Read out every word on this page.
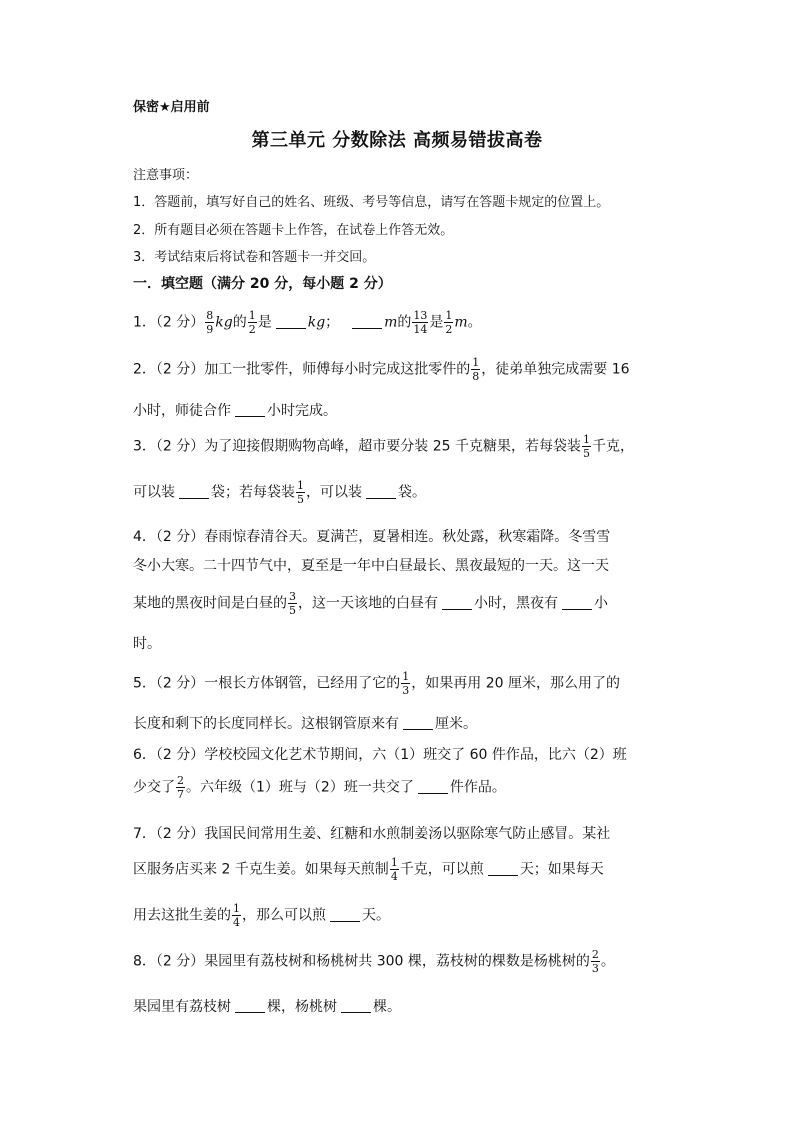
保密★启用前
第三单元 分数除法 高频易错拔高卷
注意事项：
1．答题前，填写好自己的姓名、班级、考号等信息，请写在答题卡规定的位置上。
2．所有题目必须在答题卡上作答，在试卷上作答无效。
3．考试结束后将试卷和答题卡一并交回。
一．填空题（满分 20 分，每小题 2 分）
1．（2 分） $\frac{8}{9}$ kg的 $\frac{1}{2}$ 是	kg；	m的 $\frac{13}{14}$ 是 $\frac{1}{2}$ m。
2．（2 分）加工一批零件，师傅每小时完成这批零件的 $\frac{1}{8}$ ，徒弟单独完成需要 16
小时，师徒合作	小时完成。
3．（2 分）为了迎接假期购物高峰，超市要分装 25 千克糖果，若每袋装 $\frac{1}{5}$ 千克，
可以装	袋；若每袋装 $\frac{1}{5}$ ，可以装	袋。
4．（2 分）春雨惊春清谷天。夏满芒，夏暑相连。秋处露，秋寒霜降。冬雪雪
冬小大寒。二十四节气中，夏至是一年中白昼最长、黑夜最短的一天。这一天
某地的黑夜时间是白昼的 $\frac{3}{5}$ ，这一天该地的白昼有	小时，黑夜有	小
时。
5．（2 分）一根长方体钢管，已经用了它的 $\frac{1}{3}$ ，如果再用 20 厘米，那么用了的
长度和剩下的长度同样长。这根钢管原来有	厘米。
6．（2 分）学校校园文化艺术节期间，六（1）班交了 60 件作品，比六（2）班
少交了 $\frac{2}{7}$ 。六年级（1）班与（2）班一共交了	件作品。
7．（2 分）我国民间常用生姜、红糖和水煎制姜汤以驱除寒气防止感冒。某社
区服务店买来 2 千克生姜。如果每天煎制 $\frac{1}{4}$ 千克，可以煎	天；如果每天
用去这批生姜的 $\frac{1}{4}$ ，那么可以煎	天。
8．（2 分）果园里有荔枝树和杨桃树共 300 棵，荔枝树的棵数是杨桃树的 $\frac{2}{3}$ 。
果园里有荔枝树	棵，杨桃树	棵。
